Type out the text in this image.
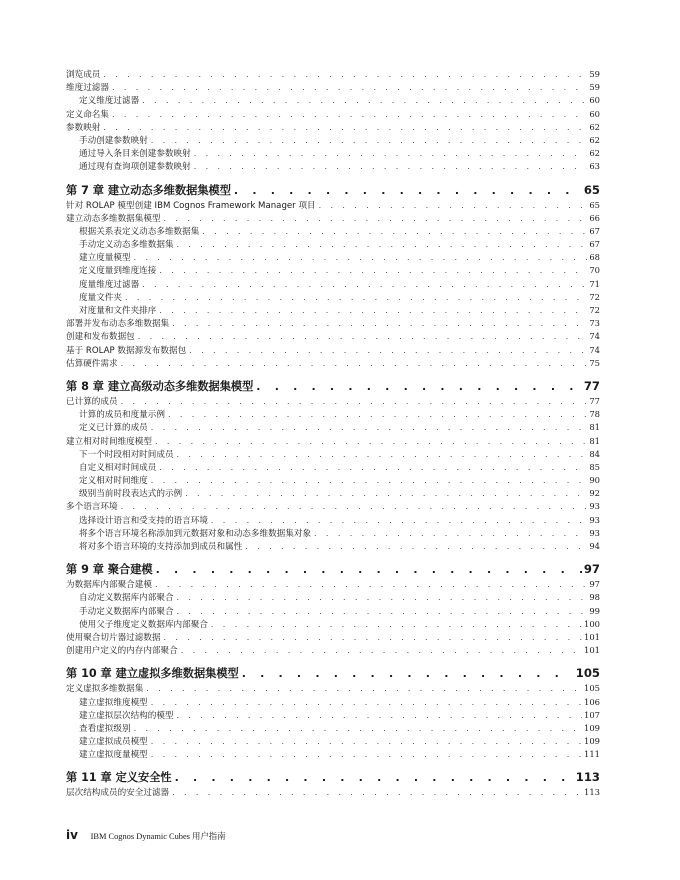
浏览成员 . . .	59
维度过滤器 . . .	59
定义维度过滤器 . . .	60
定义命名集 . . .	60
参数映射 . . .	62
手动创建参数映射 . . .	62
通过导入条目来创建参数映射 . . .	62
通过现有查询项创建参数映射 . . .	63
第 7 章 建立动态多维数据集模型 . . .	65
针对 ROLAP 模型创建 IBM Cognos Framework Manager 项目 . . .	65
建立动态多维数据集模型 . . .	66
根据关系表定义动态多维数据集 . . .	67
手动定义动态多维数据集 . . .	67
建立度量模型 . . .	68
定义度量到维度连接 . . .	70
度量维度过滤器 . . .	71
度量文件夹 . . .	72
对度量和文件夹排序 . . .	72
部署并发布动态多维数据集 . . .	73
创建和发布数据包 . . .	74
基于 ROLAP 数据源发布数据包 . . .	74
估算硬件需求 . . .	75
第 8 章 建立高级动态多维数据集模型 . . .	77
已计算的成员 . . .	77
计算的成员和度量示例 . . .	78
定义已计算的成员 . . .	81
建立相对时间维度模型 . . .	81
下一个时段相对时间成员 . . .	84
自定义相对时间成员 . . .	85
定义相对时间维度 . . .	90
级别当前时段表达式的示例 . . .	92
多个语言环境 . . .	93
选择设计语言和受支持的语言环境 . . .	93
将多个语言环境名称添加到元数据对象和动态多维数据集对象 . . .	93
将对多个语言环境的支持添加到成员和属性 . . .	94
第 9 章 聚合建模 . . .	97
为数据库内部聚合建模 . . .	97
自动定义数据库内部聚合 . . .	98
手动定义数据库内部聚合 . . .	99
使用父子维度定义数据库内部聚合 . . .	100
使用聚合切片器过滤数据 . . .	101
创建用户定义的内存内部聚合 . . .	101
第 10 章 建立虚拟多维数据集模型 . . .	105
定义虚拟多维数据集 . . .	105
建立虚拟维度模型 . . .	106
建立虚拟层次结构的模型 . . .	107
查看虚拟级别 . . .	109
建立虚拟成员模型 . . .	109
建立虚拟度量模型 . . .	111
第 11 章 定义安全性 . . .	113
层次结构成员的安全过滤器 . . .	113
iv IBM Cognos Dynamic Cubes 用户指南
